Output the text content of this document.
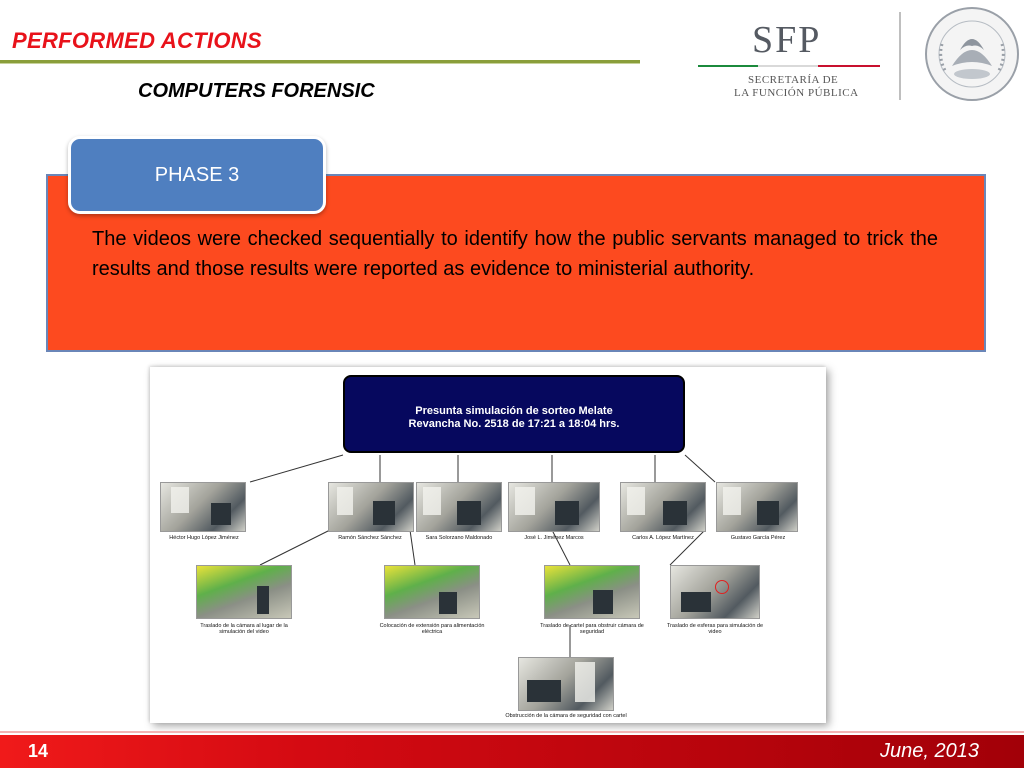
PERFORMED ACTIONS
COMPUTERS FORENSIC
SFP
SECRETARÍA DE
LA FUNCIÓN PÚBLICA
The videos were checked sequentially to identify how the public servants managed to trick the results and those results were reported as evidence to ministerial authority.
PHASE 3
Presunta simulación de sorteo Melate
Revancha No. 2518 de 17:21 a 18:04 hrs.
Héctor Hugo López Jiménez	Ramón Sánchez Sánchez	Sara Solorzano Maldonado	José L. Jiménez Marcos	Carlos A. López Martínez	Gustavo García Pérez
Traslado de la cámara al lugar de la simulación del video
Colocación de extensión para alimentación eléctrica
Traslado de cartel para obstruir cámara de seguridad
Traslado de esferas para simulación de video
Obstrucción de la cámara de seguridad con cartel
14	June, 2013
